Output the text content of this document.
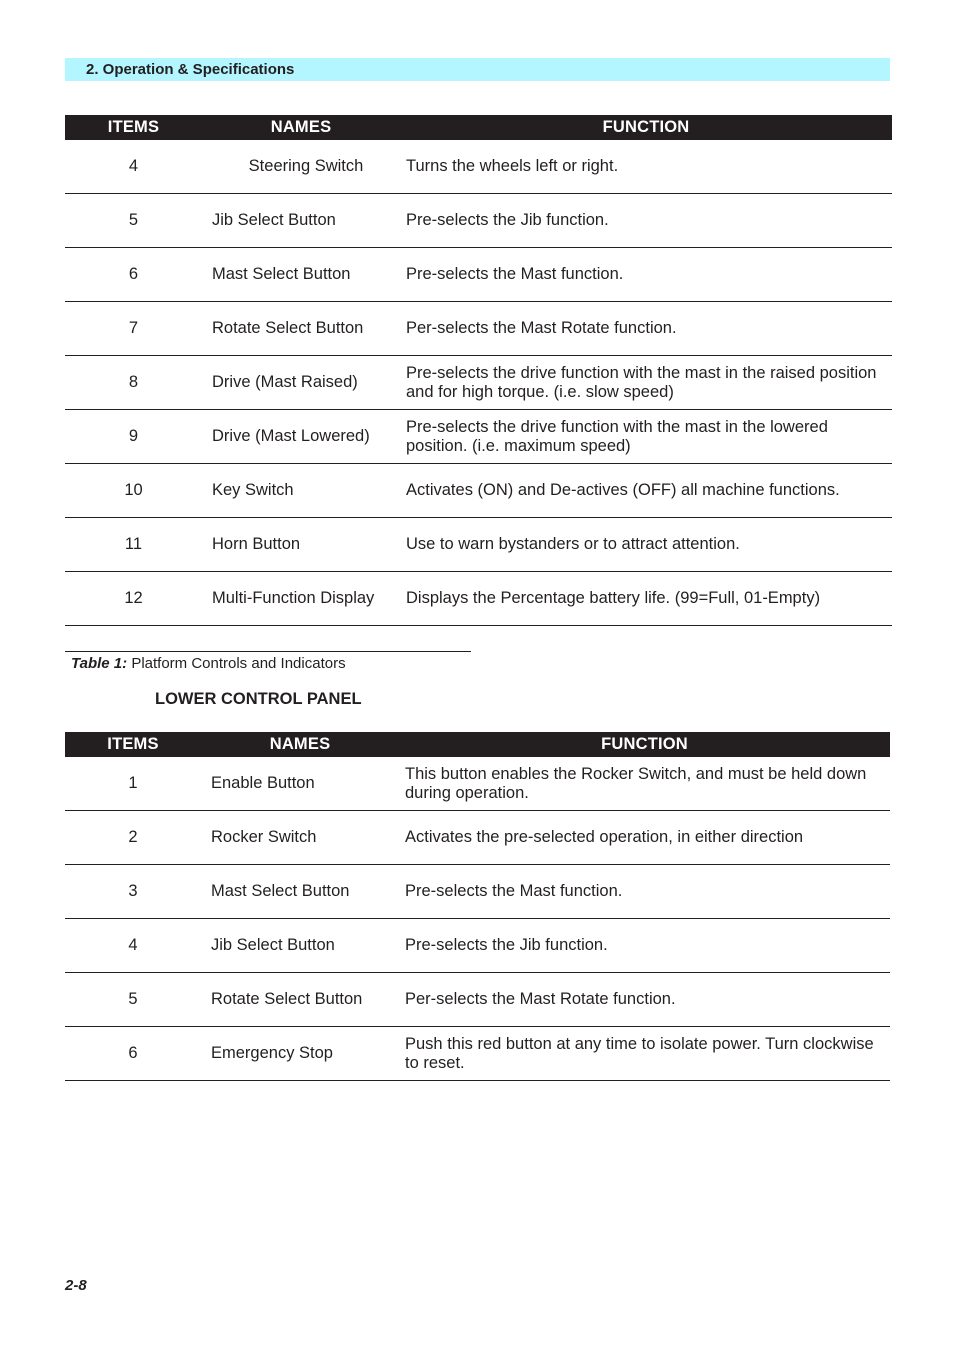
2. Operation & Specifications
ITEMS	NAMES	FUNCTION
4	Steering Switch	Turns the wheels left or right.
5	Jib Select Button	Pre-selects the Jib function.
6	Mast Select Button	Pre-selects the Mast function.
7	Rotate Select Button	Per-selects the Mast Rotate function.
8	Drive (Mast Raised)	Pre-selects the drive function with the mast in the raised position and for high torque. (i.e. slow speed)
9	Drive (Mast Lowered)	Pre-selects the drive function with the mast in the lowered position. (i.e. maximum speed)
10	Key Switch	Activates (ON) and De-actives (OFF) all machine functions.
11	Horn Button	Use to warn bystanders or to attract attention.
12	Multi-Function Display	Displays the Percentage battery life. (99=Full, 01-Empty)
Table 1: Platform Controls and Indicators
LOWER CONTROL PANEL
ITEMS	NAMES	FUNCTION
1	Enable Button	This button enables the Rocker Switch, and must be held down during operation.
2	Rocker Switch	Activates the pre-selected operation, in either direction
3	Mast Select Button	Pre-selects the Mast function.
4	Jib Select Button	Pre-selects the Jib function.
5	Rotate Select Button	Per-selects the Mast Rotate function.
6	Emergency Stop	Push this red button at any time to isolate power. Turn clockwise to reset.
2-8
